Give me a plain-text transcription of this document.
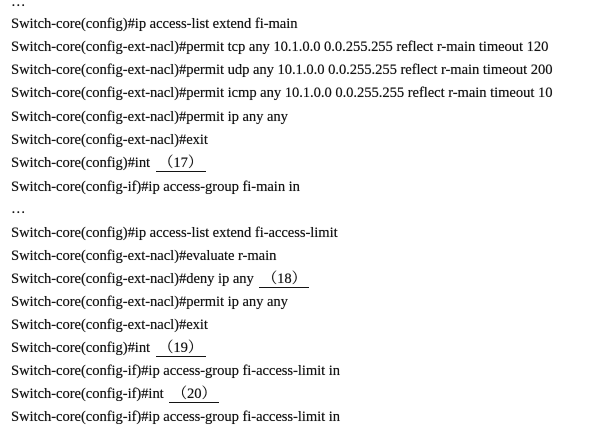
…
Switch-core(config)#ip access-list extend fi-main
Switch-core(config-ext-nacl)#permit tcp any 10.1.0.0 0.0.255.255 reflect r-main timeout 120
Switch-core(config-ext-nacl)#permit udp any 10.1.0.0 0.0.255.255 reflect r-main timeout 200
Switch-core(config-ext-nacl)#permit icmp any 10.1.0.0 0.0.255.255 reflect r-main timeout 10
Switch-core(config-ext-nacl)#permit ip any any
Switch-core(config-ext-nacl)#exit
Switch-core(config)#int （17）
Switch-core(config-if)#ip access-group fi-main in
…
Switch-core(config)#ip access-list extend fi-access-limit
Switch-core(config-ext-nacl)#evaluate r-main
Switch-core(config-ext-nacl)#deny ip any （18）
Switch-core(config-ext-nacl)#permit ip any any
Switch-core(config-ext-nacl)#exit
Switch-core(config)#int （19）
Switch-core(config-if)#ip access-group fi-access-limit in
Switch-core(config-if)#int （20）
Switch-core(config-if)#ip access-group fi-access-limit in
